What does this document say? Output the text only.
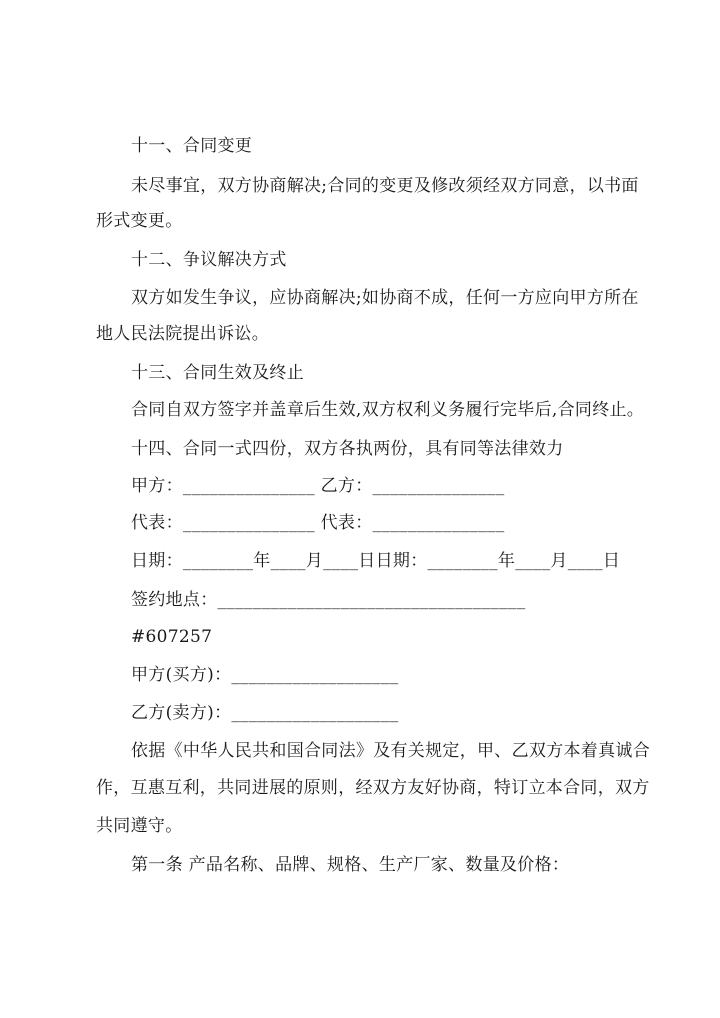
十一、合同变更
未尽事宜，双方协商解决;合同的变更及修改须经双方同意，以书面
形式变更。
十二、争议解决方式
双方如发生争议，应协商解决;如协商不成，任何一方应向甲方所在
地人民法院提出诉讼。
十三、合同生效及终止
合同自双方签字并盖章后生效,双方权利义务履行完毕后,合同终止。
十四、合同一式四份，双方各执两份，具有同等法律效力
甲方：_______________ 乙方：_______________
代表：_______________ 代表：_______________
日期：________年____月____日日期：________年____月____日
签约地点：___________________________________
#607257
甲方(买方)：___________________
乙方(卖方)：___________________
依据《中华人民共和国合同法》及有关规定，甲、乙双方本着真诚合
作，互惠互利，共同进展的原则，经双方友好协商，特订立本合同，双方
共同遵守。
第一条 产品名称、品牌、规格、生产厂家、数量及价格：
